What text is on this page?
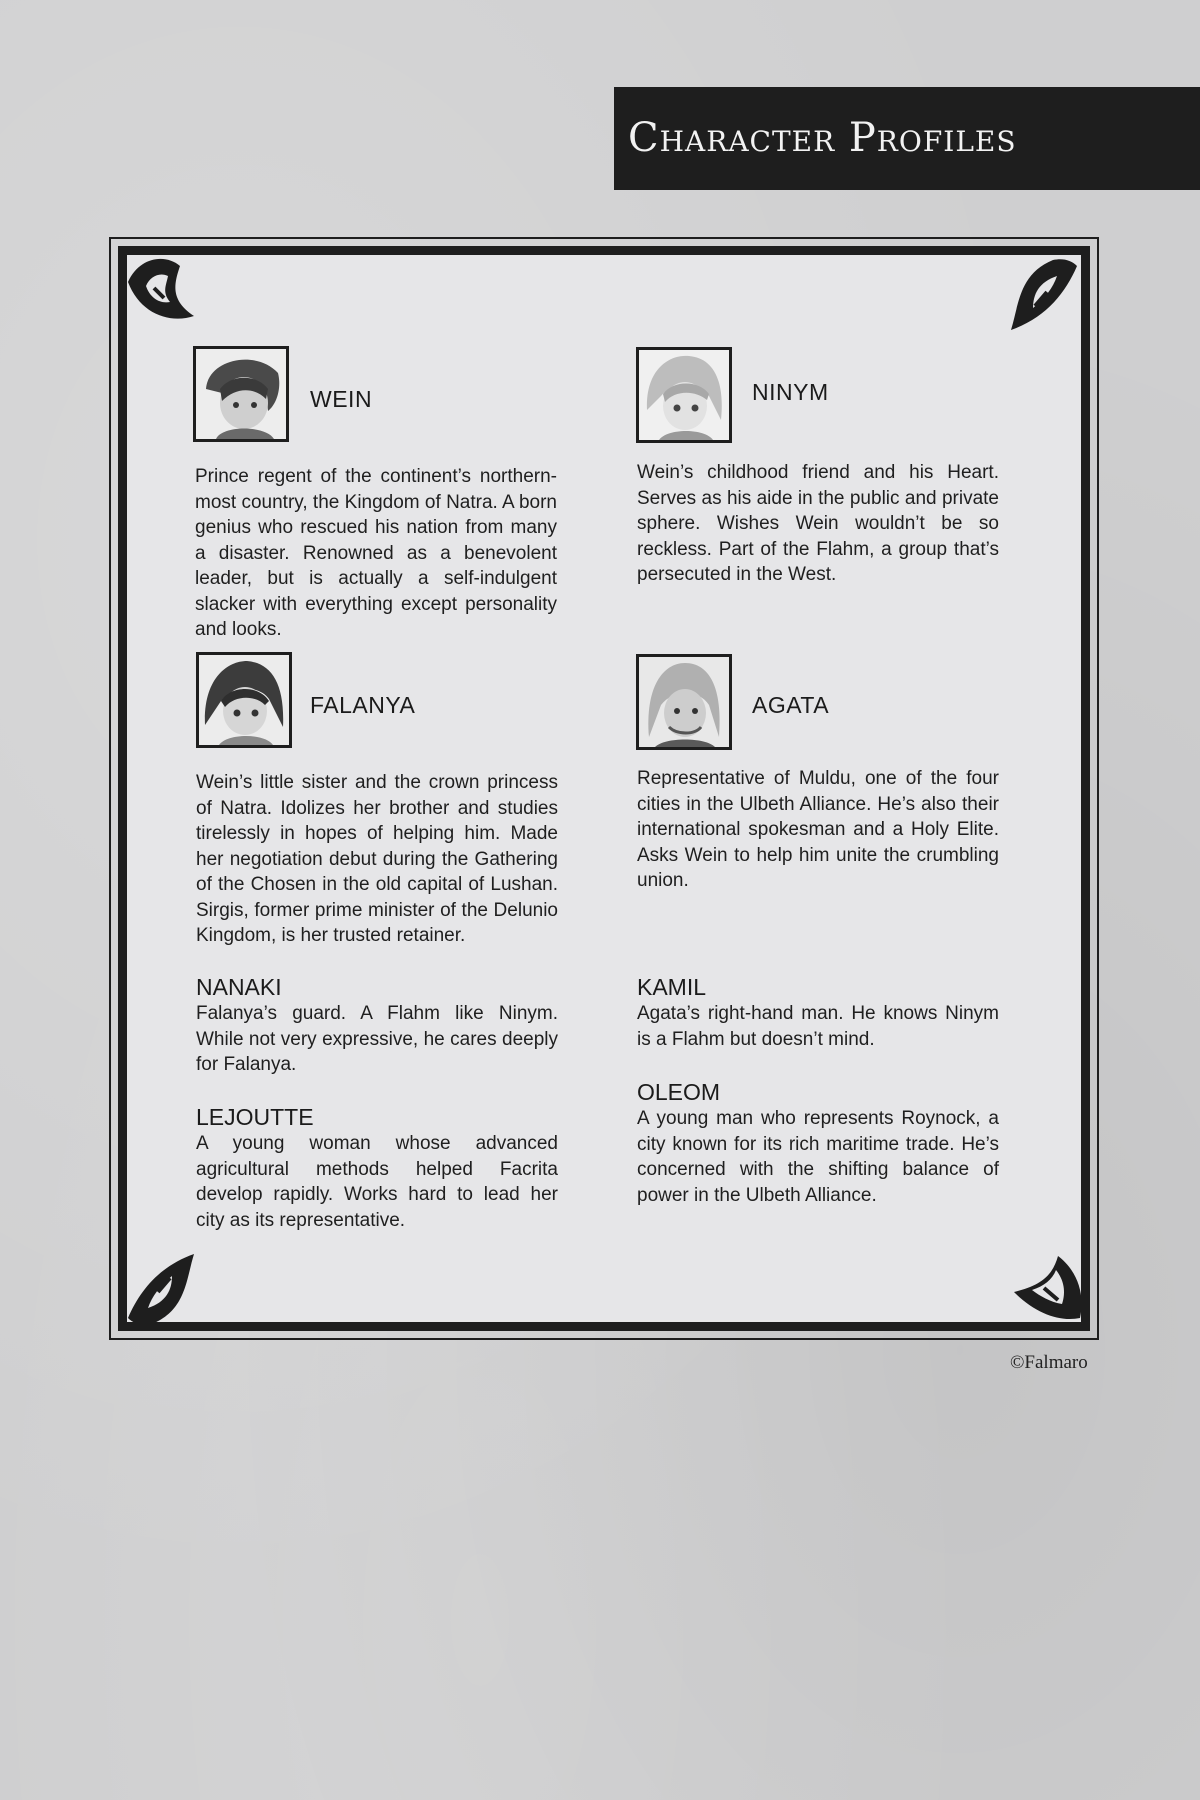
Character Profiles
WEIN

Prince regent of the continent’s northern-most country, the Kingdom of Natra. A born genius who rescued his nation from many a disaster. Renowned as a benevolent leader, but is actually a self-indulgent slacker with everything except personality and looks.

NINYM

Wein’s childhood friend and his Heart. Serves as his aide in the public and private sphere. Wishes Wein wouldn’t be so reckless. Part of the Flahm, a group that’s persecuted in the West.

FALANYA

Wein’s little sister and the crown princess of Natra. Idolizes her brother and studies tirelessly in hopes of helping him. Made her negotiation debut during the Gathering of the Chosen in the old capital of Lushan. Sirgis, former prime minister of the Delunio Kingdom, is her trusted retainer.

AGATA

Representative of Muldu, one of the four cities in the Ulbeth Alliance. He’s also their international spokesman and a Holy Elite. Asks Wein to help him unite the crumbling union.

NANAKI

Falanya’s guard. A Flahm like Ninym. While not very expressive, he cares deeply for Falanya.

KAMIL

Agata’s right-hand man. He knows Ninym is a Flahm but doesn’t mind.

LEJOUTTE

A young woman whose advanced agricultural methods helped Facrita develop rapidly. Works hard to lead her city as its representative.

OLEOM

A young man who represents Roynock, a city known for its rich maritime trade. He’s concerned with the shifting balance of power in the Ulbeth Alliance.

©Falmaro
